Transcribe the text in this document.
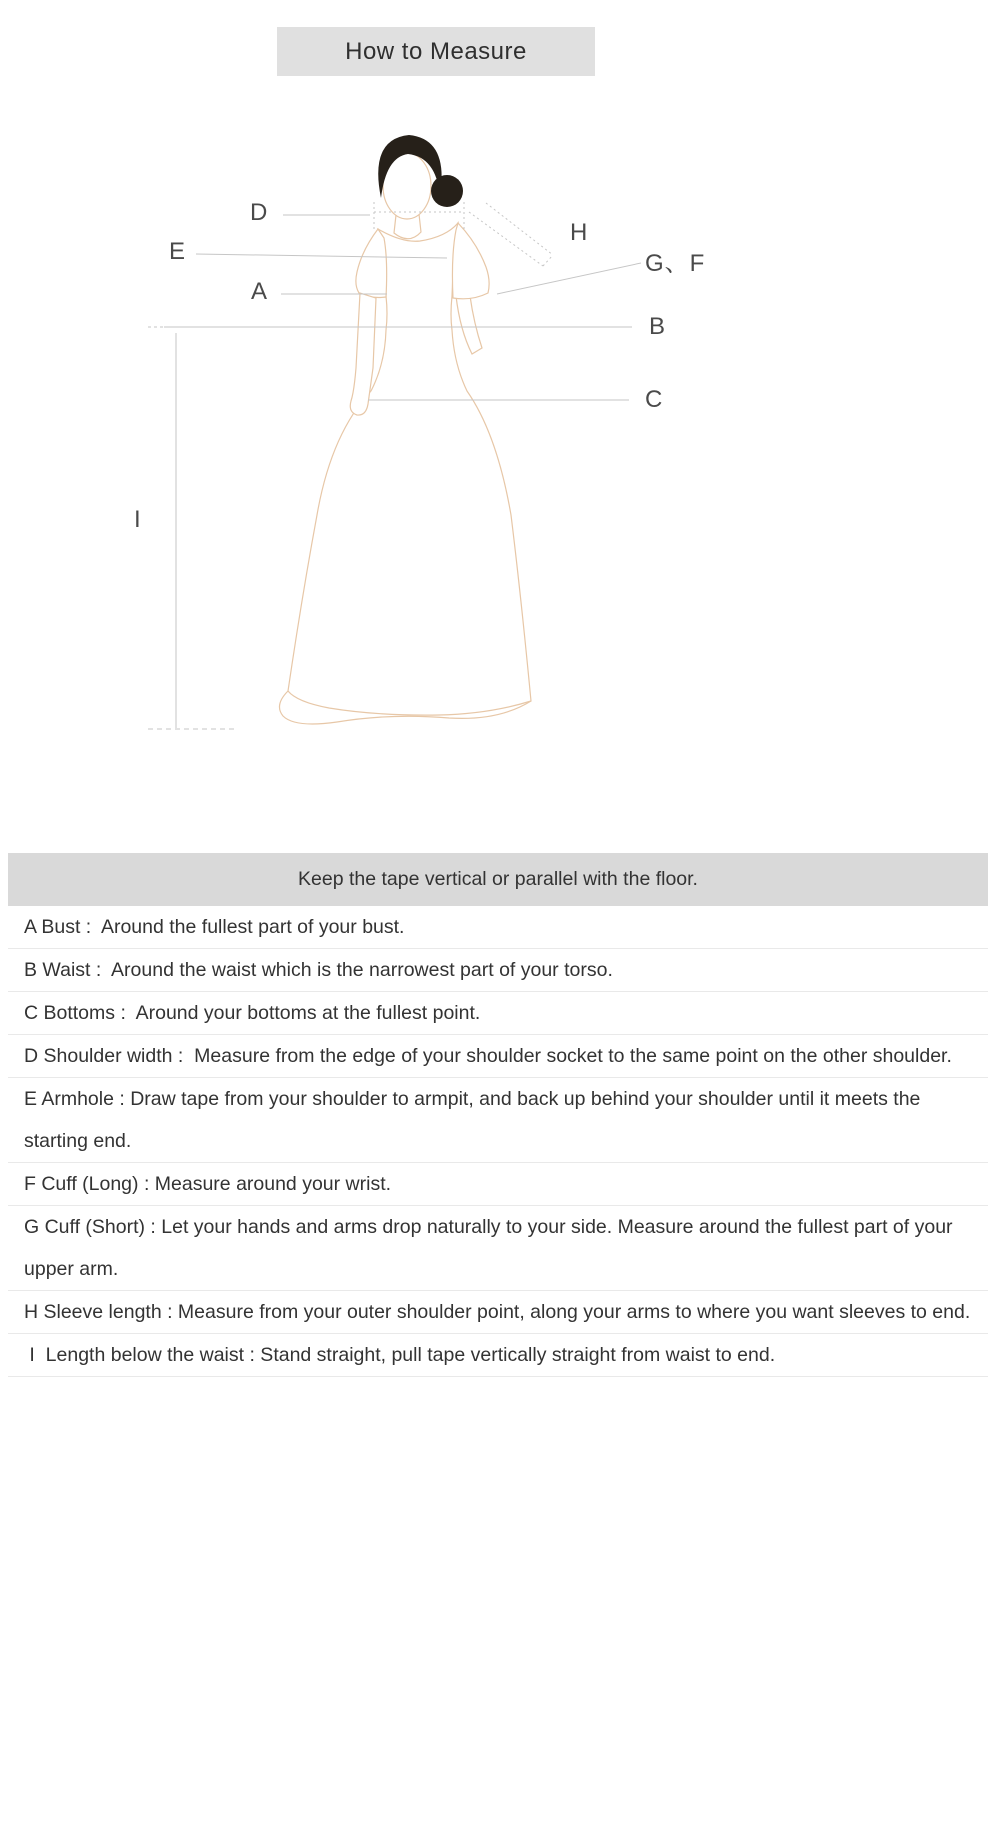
How to Measure
D
E
A
H
G、F
B
C
I
Keep the tape vertical or parallel with the floor.
A Bust :  Around the fullest part of your bust.
B Waist :  Around the waist which is the narrowest part of your torso.
C Bottoms :  Around your bottoms at the fullest point.
D Shoulder width :  Measure from the edge of your shoulder socket to the same point on the other shoulder.
E Armhole : Draw tape from your shoulder to armpit, and back up behind your shoulder until it meets the starting end.
F Cuff (Long) : Measure around your wrist.
G Cuff (Short) : Let your hands and arms drop naturally to your side. Measure around the fullest part of your upper arm.
H Sleeve length : Measure from your outer shoulder point, along your arms to where you want sleeves to end.
I  Length below the waist : Stand straight, pull tape vertically straight from waist to end.
